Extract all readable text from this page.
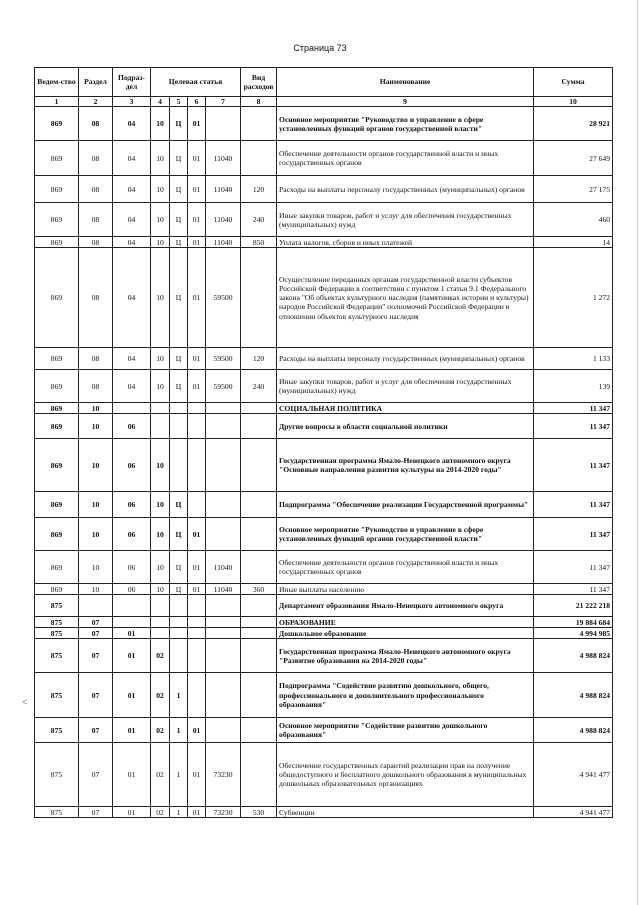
Страница 73
˂
Ведом-ство	Раздел	Подраз-дел	Целевая статья				Вид расходов	Наименование	Сумма
1	2	3	4	5	6	7	8	9	10
869	08	04	10	Ц	01			Основное мероприятие "Руководство и управление в сфере установленных функций органов государственной власти"	28 921
869	08	04	10	Ц	01	11040		Обеспечение деятельности органов государственной власти и иных государственных органов	27 649
869	08	04	10	Ц	01	11040	120	Расходы на выплаты персоналу государственных (муниципальных) органов	27 175
869	08	04	10	Ц	01	11040	240	Иные закупки товаров, работ и услуг для обеспечения государственных (муниципальных) нужд	460
869	08	04	10	Ц	01	11040	850	Уплата налогов, сборов и иных платежей	14
869	08	04	10	Ц	01	59500		Осуществление переданных органам государственной власти субъектов Российской Федерации в соответствии с пунктом 1 статьи 9.1 Федерального закона "Об объектах культурного наследия (памятниках истории и культуры) народов Российской Федерации" полномочий Российской Федерации в отношении объектов культурного наследия	1 272
869	08	04	10	Ц	01	59500	120	Расходы на выплаты персоналу государственных (муниципальных) органов	1 133
869	08	04	10	Ц	01	59500	240	Иные закупки товаров, работ и услуг для обеспечения государственных (муниципальных) нужд	139
869	10							СОЦИАЛЬНАЯ ПОЛИТИКА	11 347
869	10	06						Другие вопросы в области социальной политики	11 347
869	10	06	10					Государственная программа Ямало-Ненецкого автономного округа "Основные направления развития культуры на 2014-2020 годы"	11 347
869	10	06	10	Ц				Подпрограмма "Обеспечение реализации Государственной программы"	11 347
869	10	06	10	Ц	01			Основное мероприятие "Руководство и управление в сфере установленных функций органов государственной власти"	11 347
869	10	06	10	Ц	01	11040		Обеспечение деятельности органов государственной власти и иных государственных органов	11 347
869	10	06	10	Ц	01	11040	360	Иные выплаты населению	11 347
875								Департамент образования Ямало-Ненецкого автономного округа	21 222 218
875	07							ОБРАЗОВАНИЕ	19 884 684
875	07	01						Дошкольное образование	4 994 985
875	07	01	02					Государственная программа Ямало-Ненецкого автономного округа "Развитие образования на 2014-2020 годы"	4 988 824
875	07	01	02	1				Подпрограмма "Содействие развитию дошкольного, общего, профессионального и дополнительного профессионального образования"	4 988 824
875	07	01	02	1	01			Основное мероприятие "Содействие развитию дошкольного образования"	4 988 824
875	07	01	02	1	01	73230		Обеспечение государственных гарантий реализации прав на получение общедоступного и бесплатного дошкольного образования в муниципальных дошкольных образовательных организациях	4 941 477
875	07	01	02	1	01	73230	530	Субвенции	4 941 477
